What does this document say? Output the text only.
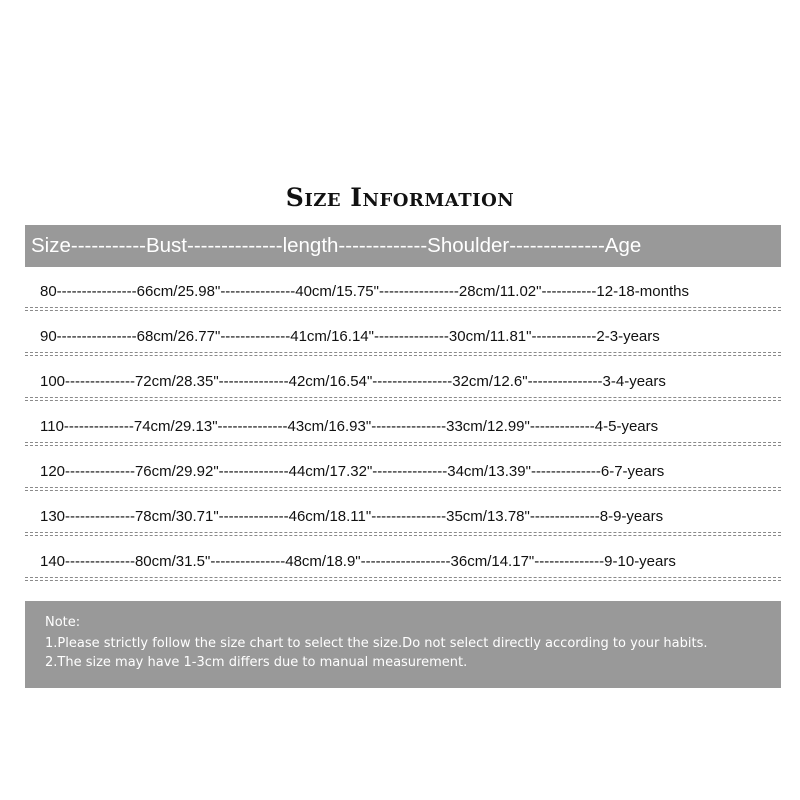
Size Information
Size-----------Bust--------------length-------------Shoulder--------------Age
80----------------66cm/25.98"---------------40cm/15.75"----------------28cm/11.02"-----------12-18-months
90----------------68cm/26.77"--------------41cm/16.14"---------------30cm/11.81"-------------2-3-years
100--------------72cm/28.35"--------------42cm/16.54"----------------32cm/12.6"---------------3-4-years
110--------------74cm/29.13"--------------43cm/16.93"---------------33cm/12.99"-------------4-5-years
120--------------76cm/29.92"--------------44cm/17.32"---------------34cm/13.39"--------------6-7-years
130--------------78cm/30.71"--------------46cm/18.11"---------------35cm/13.78"--------------8-9-years
140--------------80cm/31.5"---------------48cm/18.9"------------------36cm/14.17"--------------9-10-years
Note:
1.Please strictly follow the size chart to select the size.Do not select directly according to your habits.
2.The size may have 1-3cm differs due to manual measurement.
